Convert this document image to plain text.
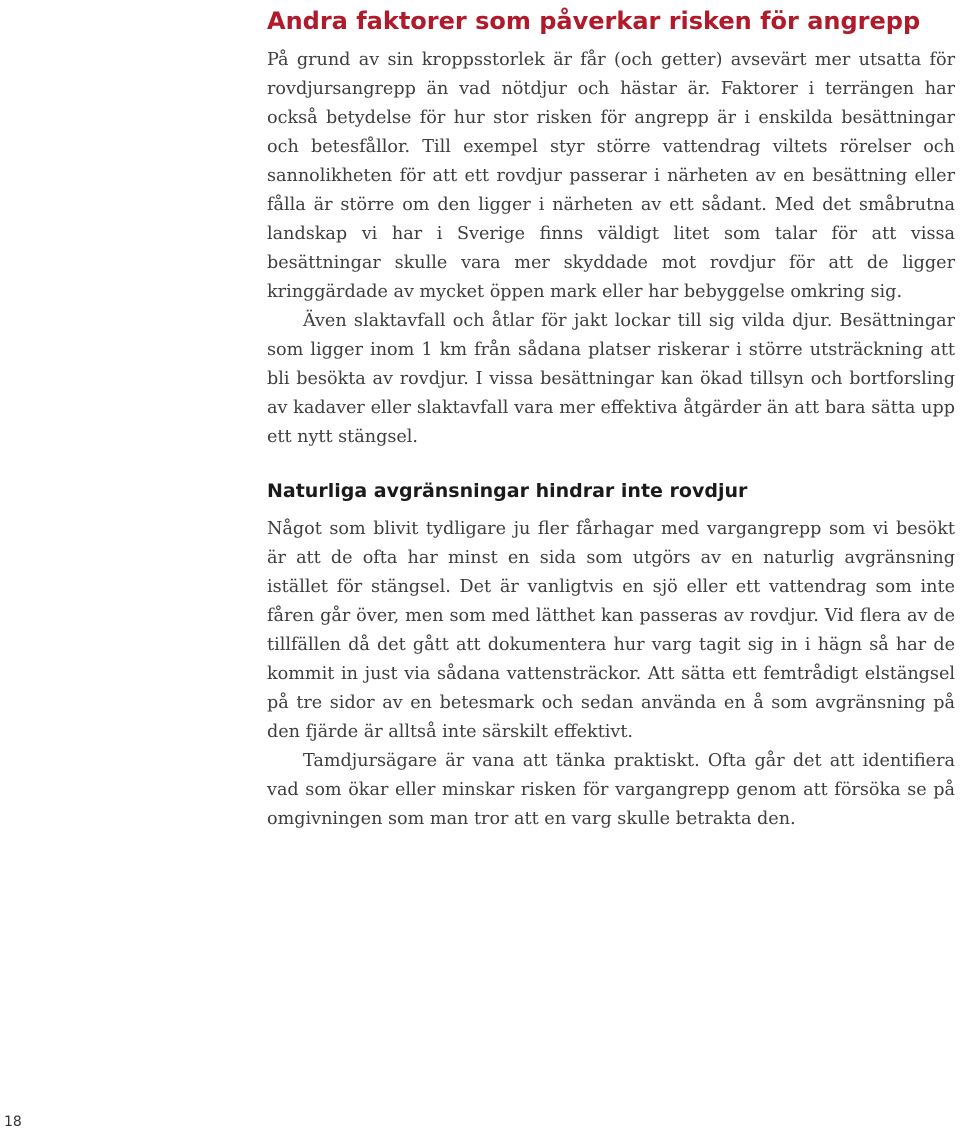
Andra faktorer som påverkar risken för angrepp

På grund av sin kroppsstorlek är får (och getter) avsevärt mer utsatta för rovdjursangrepp än vad nötdjur och hästar är. Faktorer i terrängen har också betydelse för hur stor risken för angrepp är i enskilda besättningar och betesfållor. Till exempel styr större vattendrag viltets rörelser och sannolikheten för att ett rovdjur passerar i närheten av en besättning eller fålla är större om den ligger i närheten av ett sådant. Med det småbrutna landskap vi har i Sverige finns väldigt litet som talar för att vissa besättningar skulle vara mer skyddade mot rovdjur för att de ligger kringgärdade av mycket öppen mark eller har bebyggelse omkring sig.

Även slaktavfall och åtlar för jakt lockar till sig vilda djur. Besättningar som ligger inom 1 km från sådana platser riskerar i större utsträckning att bli besökta av rovdjur. I vissa besättningar kan ökad tillsyn och bortforsling av kadaver eller slaktavfall vara mer effektiva åtgärder än att bara sätta upp ett nytt stängsel.

Naturliga avgränsningar hindrar inte rovdjur

Något som blivit tydligare ju fler fårhagar med vargangrepp som vi besökt är att de ofta har minst en sida som utgörs av en naturlig avgränsning istället för stängsel. Det är vanligtvis en sjö eller ett vattendrag som inte fåren går över, men som med lätthet kan passeras av rovdjur. Vid flera av de tillfällen då det gått att dokumentera hur varg tagit sig in i hägn så har de kommit in just via sådana vattensträckor. Att sätta ett femtrådigt elstängsel på tre sidor av en betesmark och sedan använda en å som avgränsning på den fjärde är alltså inte särskilt effektivt.

Tamdjursägare är vana att tänka praktiskt. Ofta går det att identifiera vad som ökar eller minskar risken för vargangrepp genom att försöka se på omgivningen som man tror att en varg skulle betrakta den.

18
